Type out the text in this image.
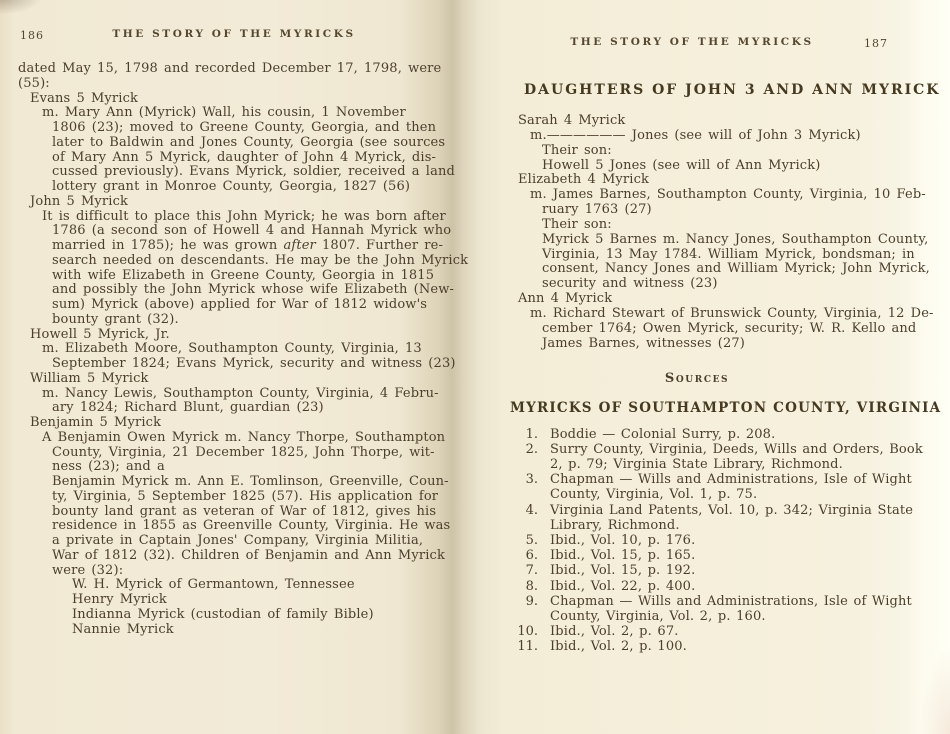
186	THE STORY OF THE MYRICKS
dated May 15, 1798 and recorded December 17, 1798, were
(55):
Evans 5 Myrick
m. Mary Ann (Myrick) Wall, his cousin, 1 November
1806 (23); moved to Greene County, Georgia, and then
later to Baldwin and Jones County, Georgia (see sources
of Mary Ann 5 Myrick, daughter of John 4 Myrick, dis-
cussed previously). Evans Myrick, soldier, received a land
lottery grant in Monroe County, Georgia, 1827 (56)
John 5 Myrick
It is difficult to place this John Myrick; he was born after
1786 (a second son of Howell 4 and Hannah Myrick who
married in 1785); he was grown after 1807. Further re-
search needed on descendants. He may be the John Myrick
with wife Elizabeth in Greene County, Georgia in 1815
and possibly the John Myrick whose wife Elizabeth (New-
sum) Myrick (above) applied for War of 1812 widow's
bounty grant (32).
Howell 5 Myrick, Jr.
m. Elizabeth Moore, Southampton County, Virginia, 13
September 1824; Evans Myrick, security and witness (23)
William 5 Myrick
m. Nancy Lewis, Southampton County, Virginia, 4 Febru-
ary 1824; Richard Blunt, guardian (23)
Benjamin 5 Myrick
A Benjamin Owen Myrick m. Nancy Thorpe, Southampton
County, Virginia, 21 December 1825, John Thorpe, wit-
ness (23); and a
Benjamin Myrick m. Ann E. Tomlinson, Greenville, Coun-
ty, Virginia, 5 September 1825 (57). His application for
bounty land grant as veteran of War of 1812, gives his
residence in 1855 as Greenville County, Virginia. He was
a private in Captain Jones' Company, Virginia Militia,
War of 1812 (32). Children of Benjamin and Ann Myrick
were (32):
W. H. Myrick of Germantown, Tennessee
Henry Myrick
Indianna Myrick (custodian of family Bible)
Nannie Myrick
THE STORY OF THE MYRICKS	187
DAUGHTERS OF JOHN 3 AND ANN MYRICK
Sarah 4 Myrick
m.—————— Jones (see will of John 3 Myrick)
Their son:
Howell 5 Jones (see will of Ann Myrick)
Elizabeth 4 Myrick
m. James Barnes, Southampton County, Virginia, 10 Feb-
ruary 1763 (27)
Their son:
Myrick 5 Barnes m. Nancy Jones, Southampton County,
Virginia, 13 May 1784. William Myrick, bondsman; in
consent, Nancy Jones and William Myrick; John Myrick,
security and witness (23)
Ann 4 Myrick
m. Richard Stewart of Brunswick County, Virginia, 12 De-
cember 1764; Owen Myrick, security; W. R. Kello and
James Barnes, witnesses (27)
Sources
MYRICKS OF SOUTHAMPTON COUNTY, VIRGINIA
1. Boddie — Colonial Surry, p. 208.
2. Surry County, Virginia, Deeds, Wills and Orders, Book
2, p. 79; Virginia State Library, Richmond.
3. Chapman — Wills and Administrations, Isle of Wight
County, Virginia, Vol. 1, p. 75.
4. Virginia Land Patents, Vol. 10, p. 342; Virginia State
Library, Richmond.
5. Ibid., Vol. 10, p. 176.
6. Ibid., Vol. 15, p. 165.
7. Ibid., Vol. 15, p. 192.
8. Ibid., Vol. 22, p. 400.
9. Chapman — Wills and Administrations, Isle of Wight
County, Virginia, Vol. 2, p. 160.
10. Ibid., Vol. 2, p. 67.
11. Ibid., Vol. 2, p. 100.
